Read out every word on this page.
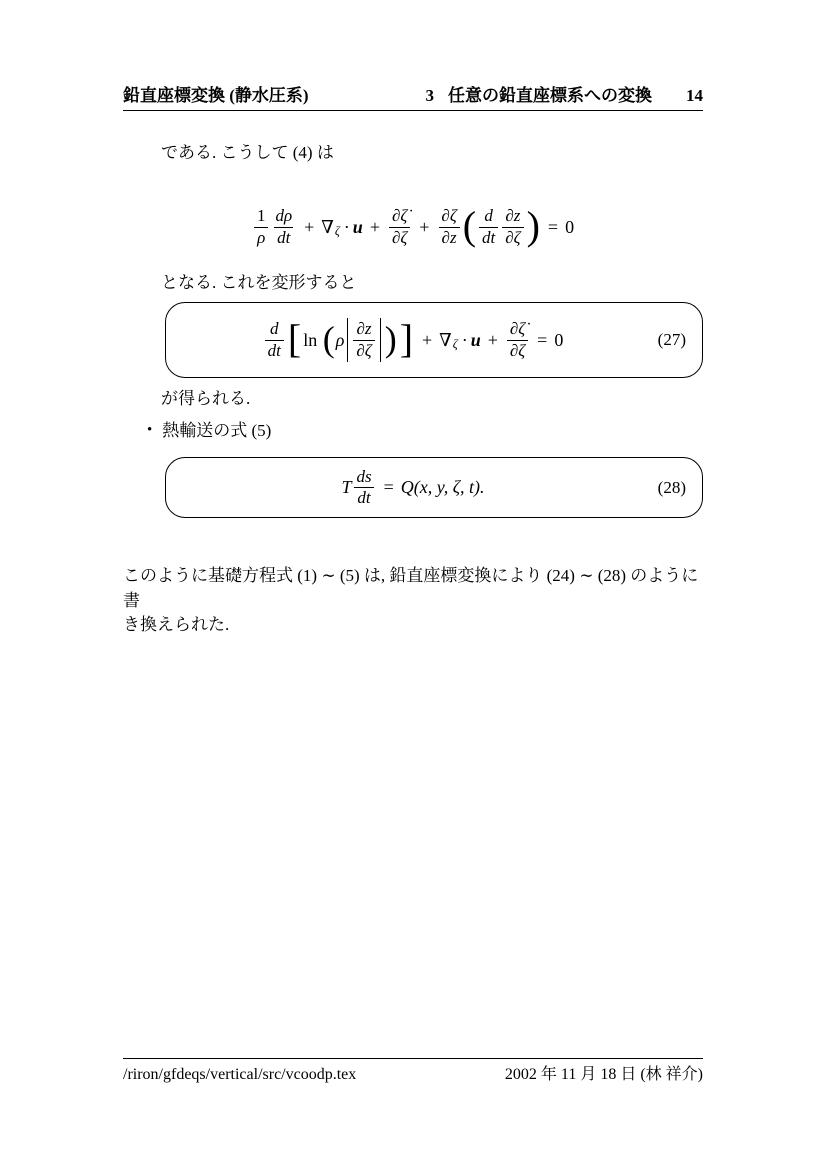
鉛直座標変換 (静水圧系)	3 任意の鉛直座標系への変換 14
である. こうして (4) は
$\frac{1}{\rho} \frac{d\rho}{dt}$ + ∇ $\zeta \cdot u + \frac{\partial\zetȧ}{\partial\zeta} + \frac{\partial\zeta}{\partial z}$ ( $\frac{d}{dt} \frac{\partial z}{\partial\zeta}$ ) = 0
となる. これを変形すると
$\frac{d}{dt}$ [ ln
( ρ $\frac{\partial z}{\partial\zeta}$ ) ] + ∇ $\zeta \cdot u + \frac{\partial\zetȧ}{\partial\zeta} = 0$	(27)
が得られる.
• 熱輸送の式 (5)
T $\frac{ds}{dt} = Q(x$, y, ζ, t).	(28)
このように基礎方程式 (1) ∼ (5) は, 鉛直座標変換により (24) ∼ (28) のように書
き換えられた.
/riron/gfdeqs/vertical/src/vcoodp.tex	2002 年 11 月 18 日 (林 祥介)
